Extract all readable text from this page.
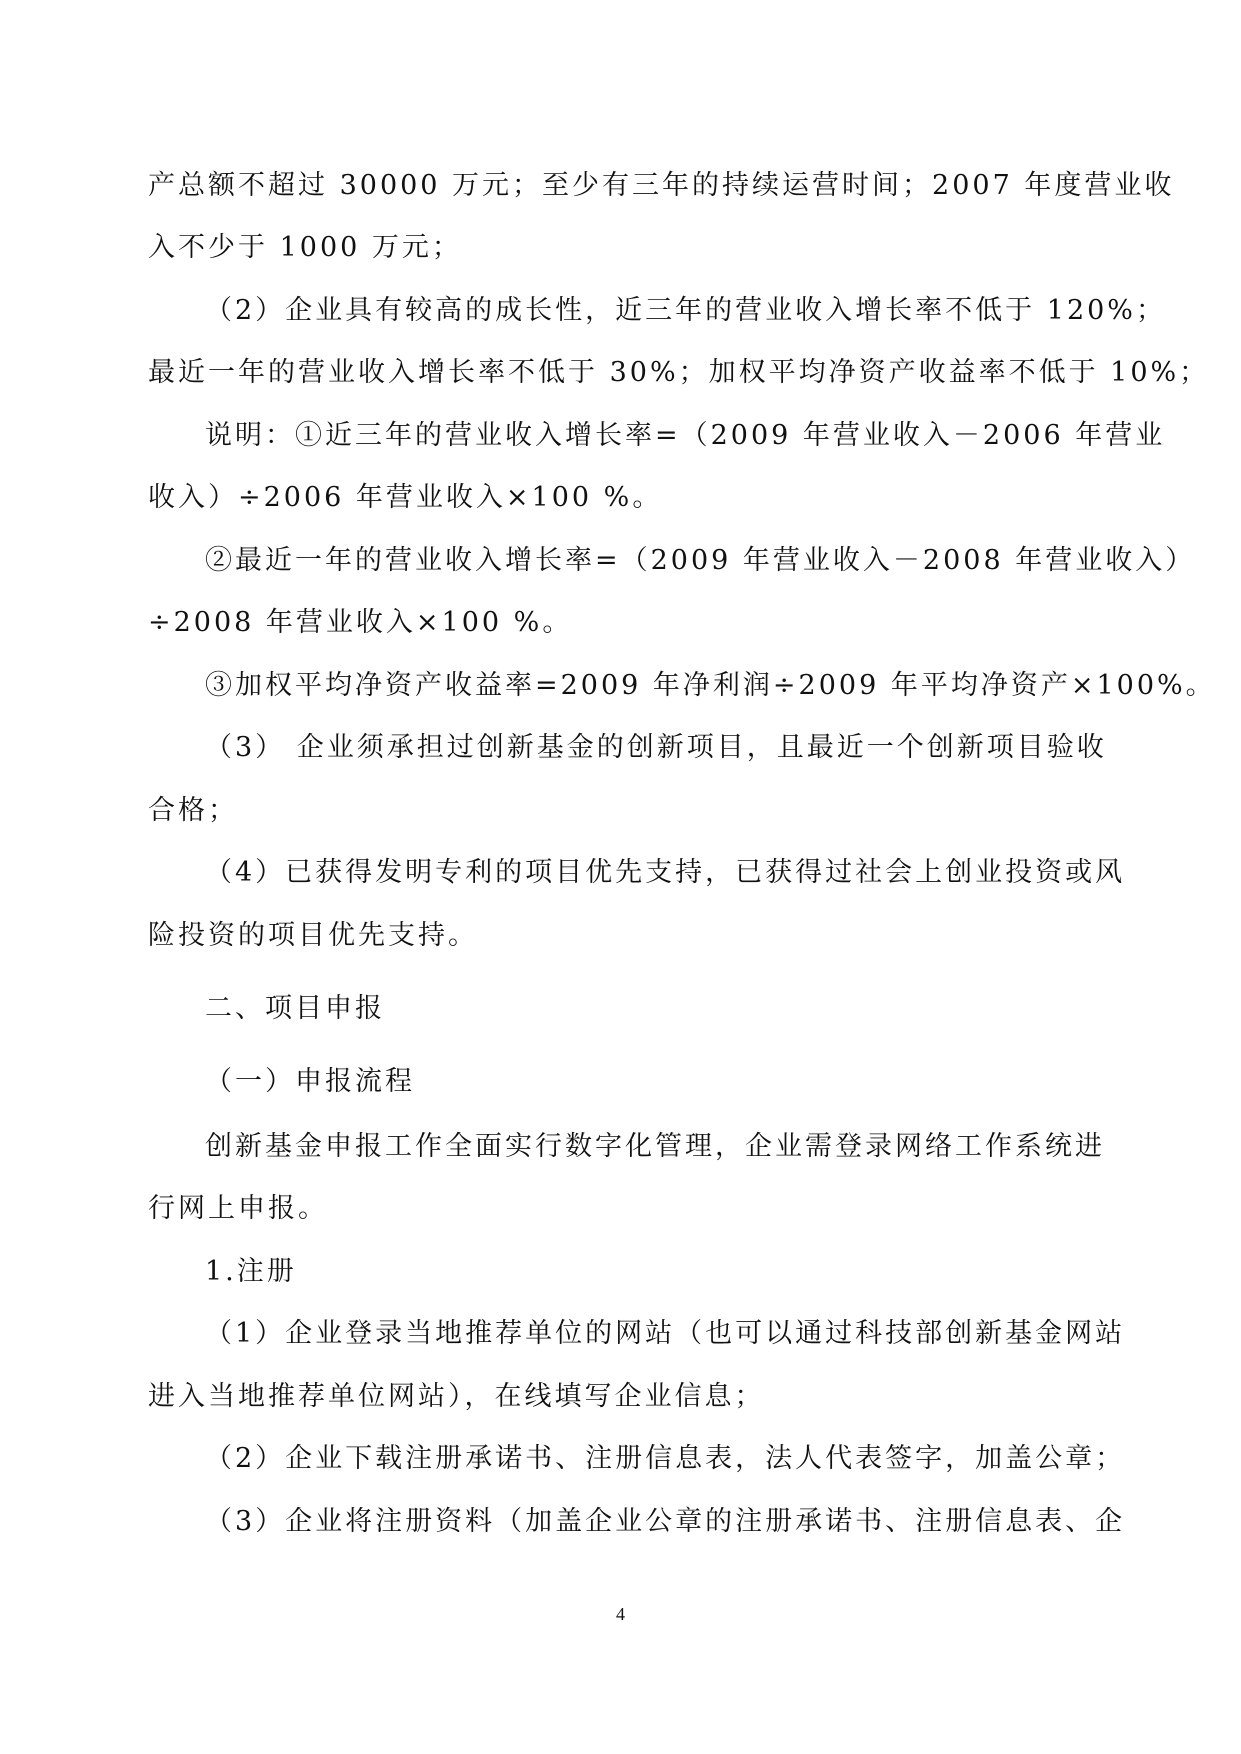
产总额不超过 30000 万元；至少有三年的持续运营时间；2007 年度营业收
入不少于 1000 万元；
（2）企业具有较高的成长性，近三年的营业收入增长率不低于 120%；
最近一年的营业收入增长率不低于 30%；加权平均净资产收益率不低于 10%；
说明：①近三年的营业收入增长率=（2009 年营业收入－2006 年营业
收入）÷2006 年营业收入×100 %。
②最近一年的营业收入增长率=（2009 年营业收入－2008 年营业收入）
÷2008 年营业收入×100 %。
③加权平均净资产收益率=2009 年净利润÷2009 年平均净资产×100%。
（3） 企业须承担过创新基金的创新项目，且最近一个创新项目验收
合格；
（4）已获得发明专利的项目优先支持，已获得过社会上创业投资或风
险投资的项目优先支持。
二、项目申报
（一）申报流程
创新基金申报工作全面实行数字化管理，企业需登录网络工作系统进
行网上申报。
1.注册
（1）企业登录当地推荐单位的网站（也可以通过科技部创新基金网站
进入当地推荐单位网站），在线填写企业信息；
（2）企业下载注册承诺书、注册信息表，法人代表签字，加盖公章；
（3）企业将注册资料（加盖企业公章的注册承诺书、注册信息表、企
4
